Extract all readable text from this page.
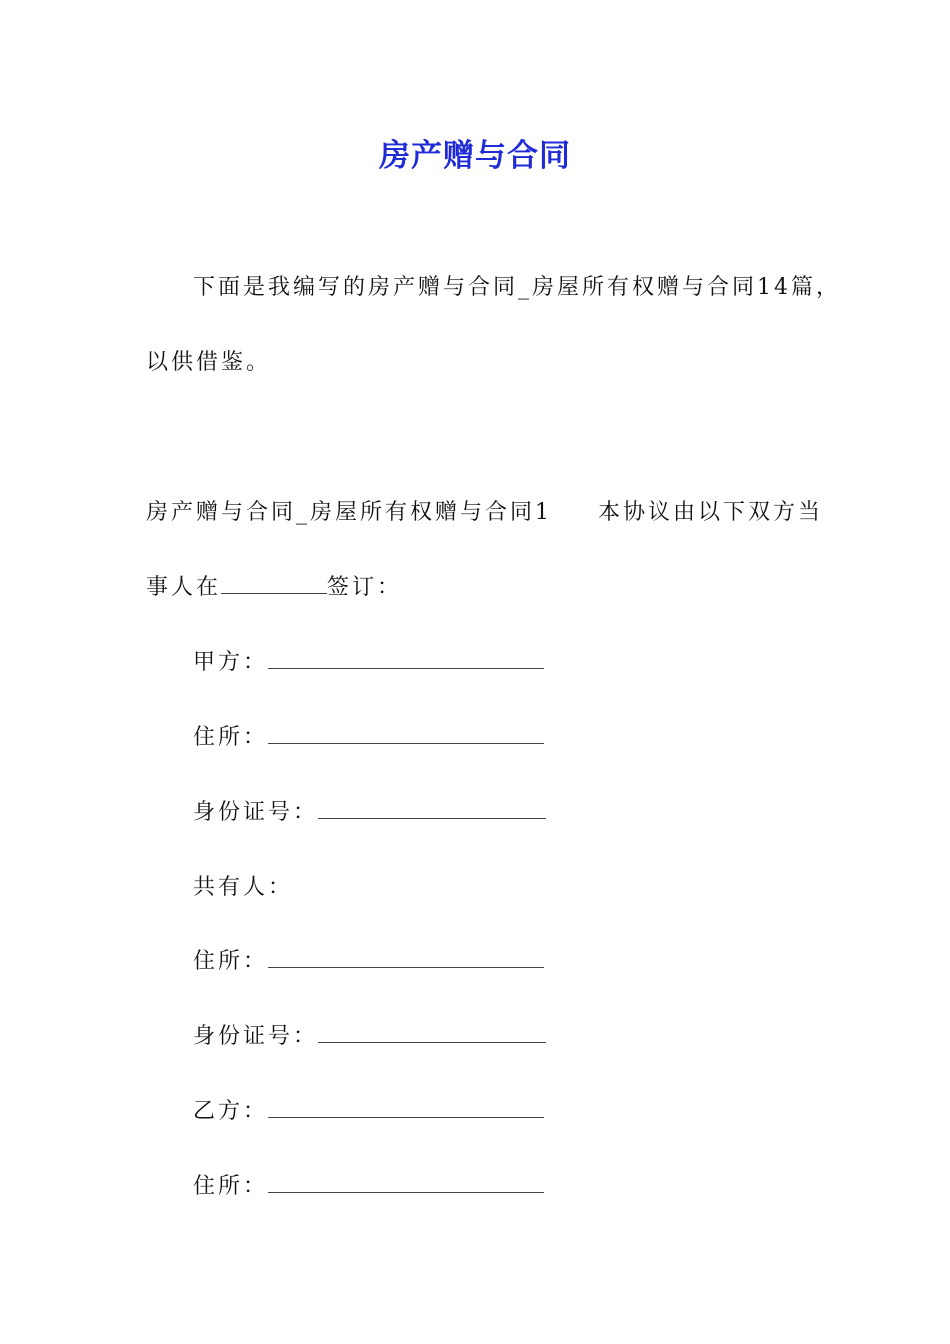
房产赠与合同
下面是我编写的房产赠与合同_房屋所有权赠与合同14篇，
以供借鉴。
房产赠与合同_房屋所有权赠与合同1 本协议由以下双方当
事人在	签订：
甲方：
住所：
身份证号：
共有人：
住所：
身份证号：
乙方：
住所：
